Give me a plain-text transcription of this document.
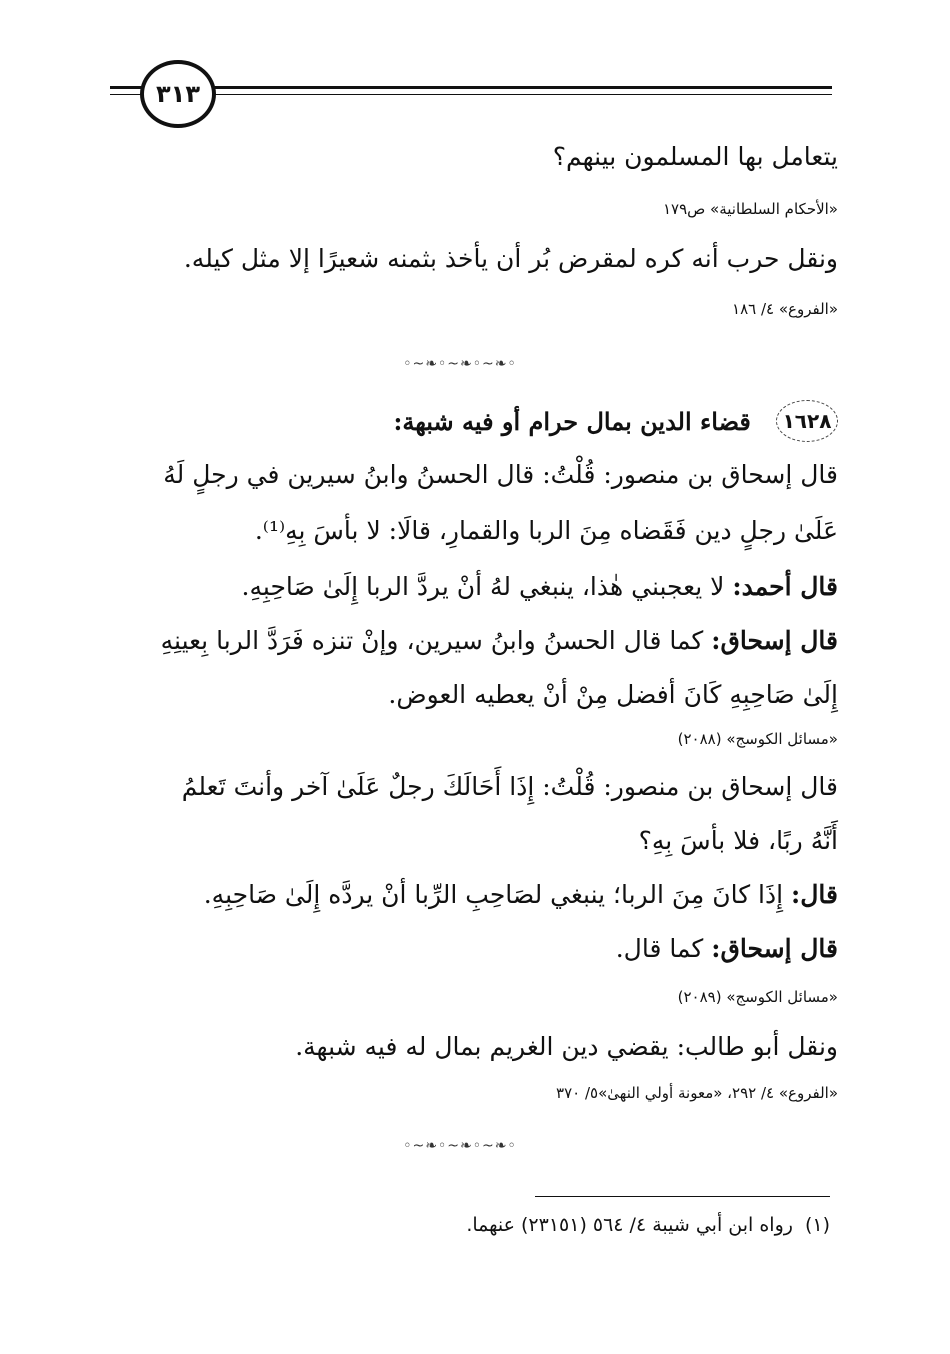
٣١٣
يتعامل بها المسلمون بينهم؟
«الأحكام السلطانية» ص١٧٩
ونقل حرب أنه كره لمقرض بُر أن يأخذ بثمنه شعيرًا إلا مثل كيله.
«الفروع» ٤/ ١٨٦
◦~❧◦~❧◦~❧◦
١٦٢٨ قضاء الدين بمال حرام أو فيه شبهة:
قال إسحاق بن منصور: قُلْتُ: قال الحسنُ وابنُ سيرين في رجلٍ لَهُ
عَلَىٰ رجلٍ دين فَقَضاه مِنَ الربا والقمارِ، قالَا: لا بأسَ بِهِ⁽¹⁾.
قال أحمد: لا يعجبني هٰذا، ينبغي لهُ أنْ يردَّ الربا إِلَىٰ صَاحِبِهِ.
قال إسحاق: كما قال الحسنُ وابنُ سيرين، وإنْ تنزه فَرَدَّ الربا بِعينِهِ
إِلَىٰ صَاحِبِهِ كَانَ أفضل مِنْ أنْ يعطيه العوض.
«مسائل الكوسج» (٢٠٨٨)
قال إسحاق بن منصور: قُلْتُ: إِذَا أَحَالَكَ رجلٌ عَلَىٰ آخر وأنتَ تَعلمُ
أَنَّهُ ربًا، فلا بأسَ بِهِ؟
قال: إِذَا كانَ مِنَ الربا؛ ينبغي لصَاحِبِ الرِّبا أنْ يردَّه إِلَىٰ صَاحِبِهِ.
قال إسحاق: كما قال.
«مسائل الكوسج» (٢٠٨٩)
ونقل أبو طالب: يقضي دين الغريم بمال له فيه شبهة.
«الفروع» ٤/ ٢٩٢، «معونة أولي النهىٰ»٥/ ٣٧٠
◦~❧◦~❧◦~❧◦
(١)رواه ابن أبي شيبة ٤/ ٥٦٤ (٢٣١٥١) عنهما.
